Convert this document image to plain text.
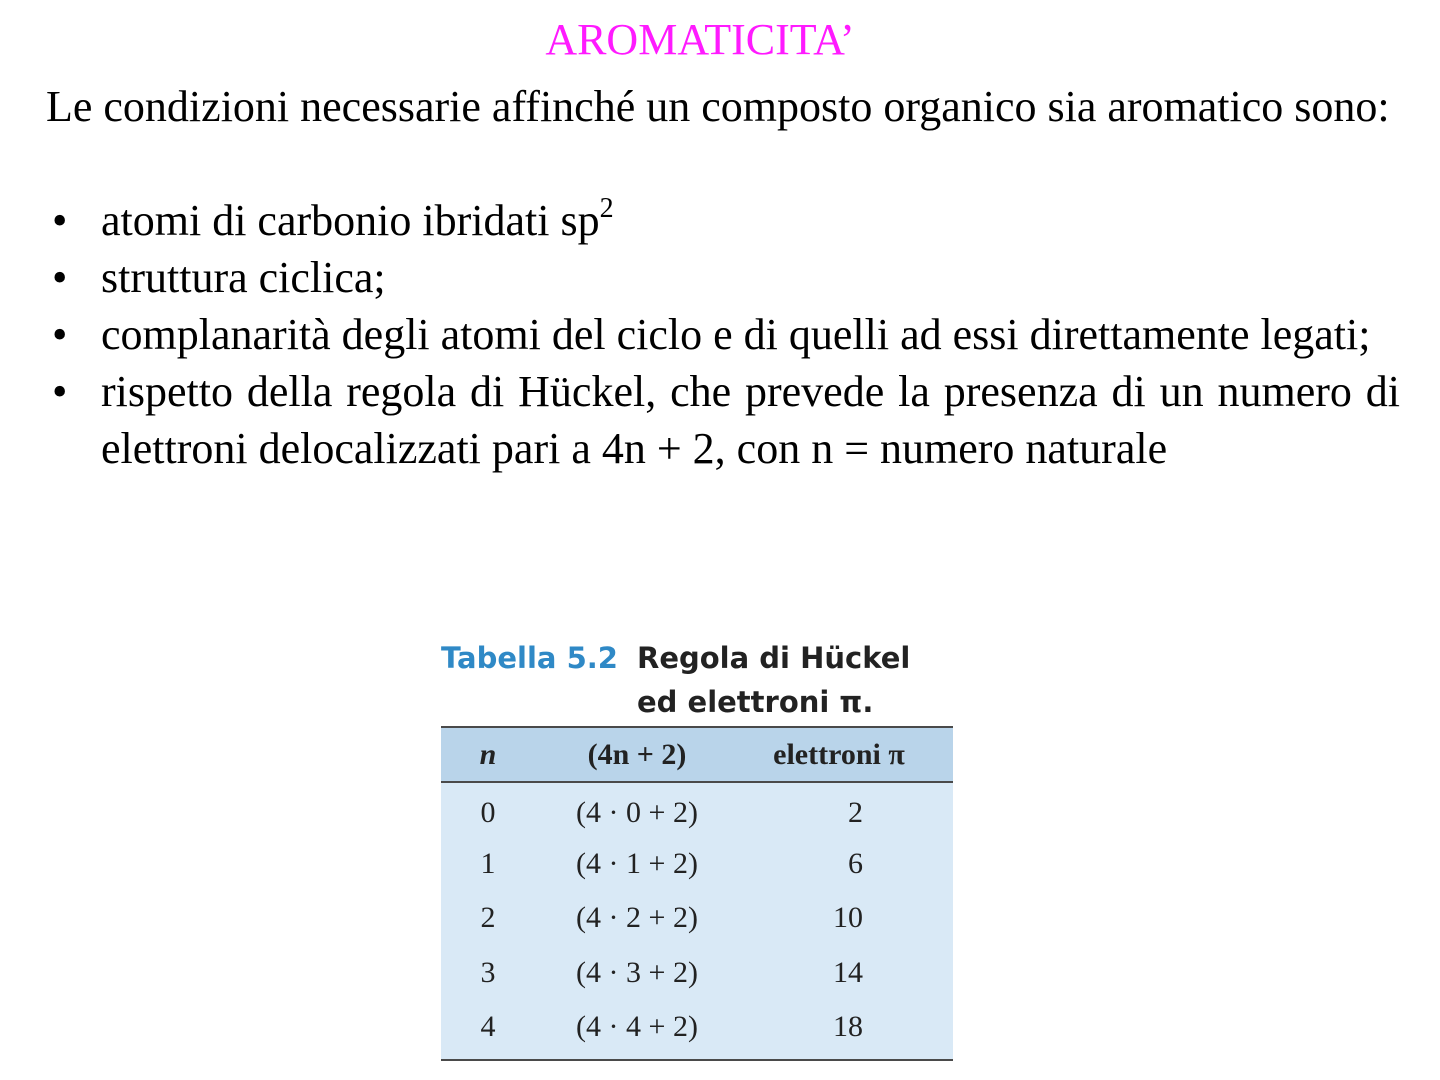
AROMATICITA’
Le condizioni necessarie affinché un composto organico sia aromatico sono:
• atomi di carbonio ibridati $sp^2$
• struttura ciclica;
• complanarità degli atomi del ciclo e di quelli ad essi direttamente legati;
• rispetto della regola di Hückel, che prevede la presenza di un numero di elettroni delocalizzati pari a 4n + 2, con n = numero naturale
Tabella 5.2 Regola di Hückel
ed elettroni π.
n	(4n + 2)	elettroni π
0	(4 · 0 + 2)	2
1	(4 · 1 + 2)	6
2	(4 · 2 + 2)	10
3	(4 · 3 + 2)	14
4	(4 · 4 + 2)	18
